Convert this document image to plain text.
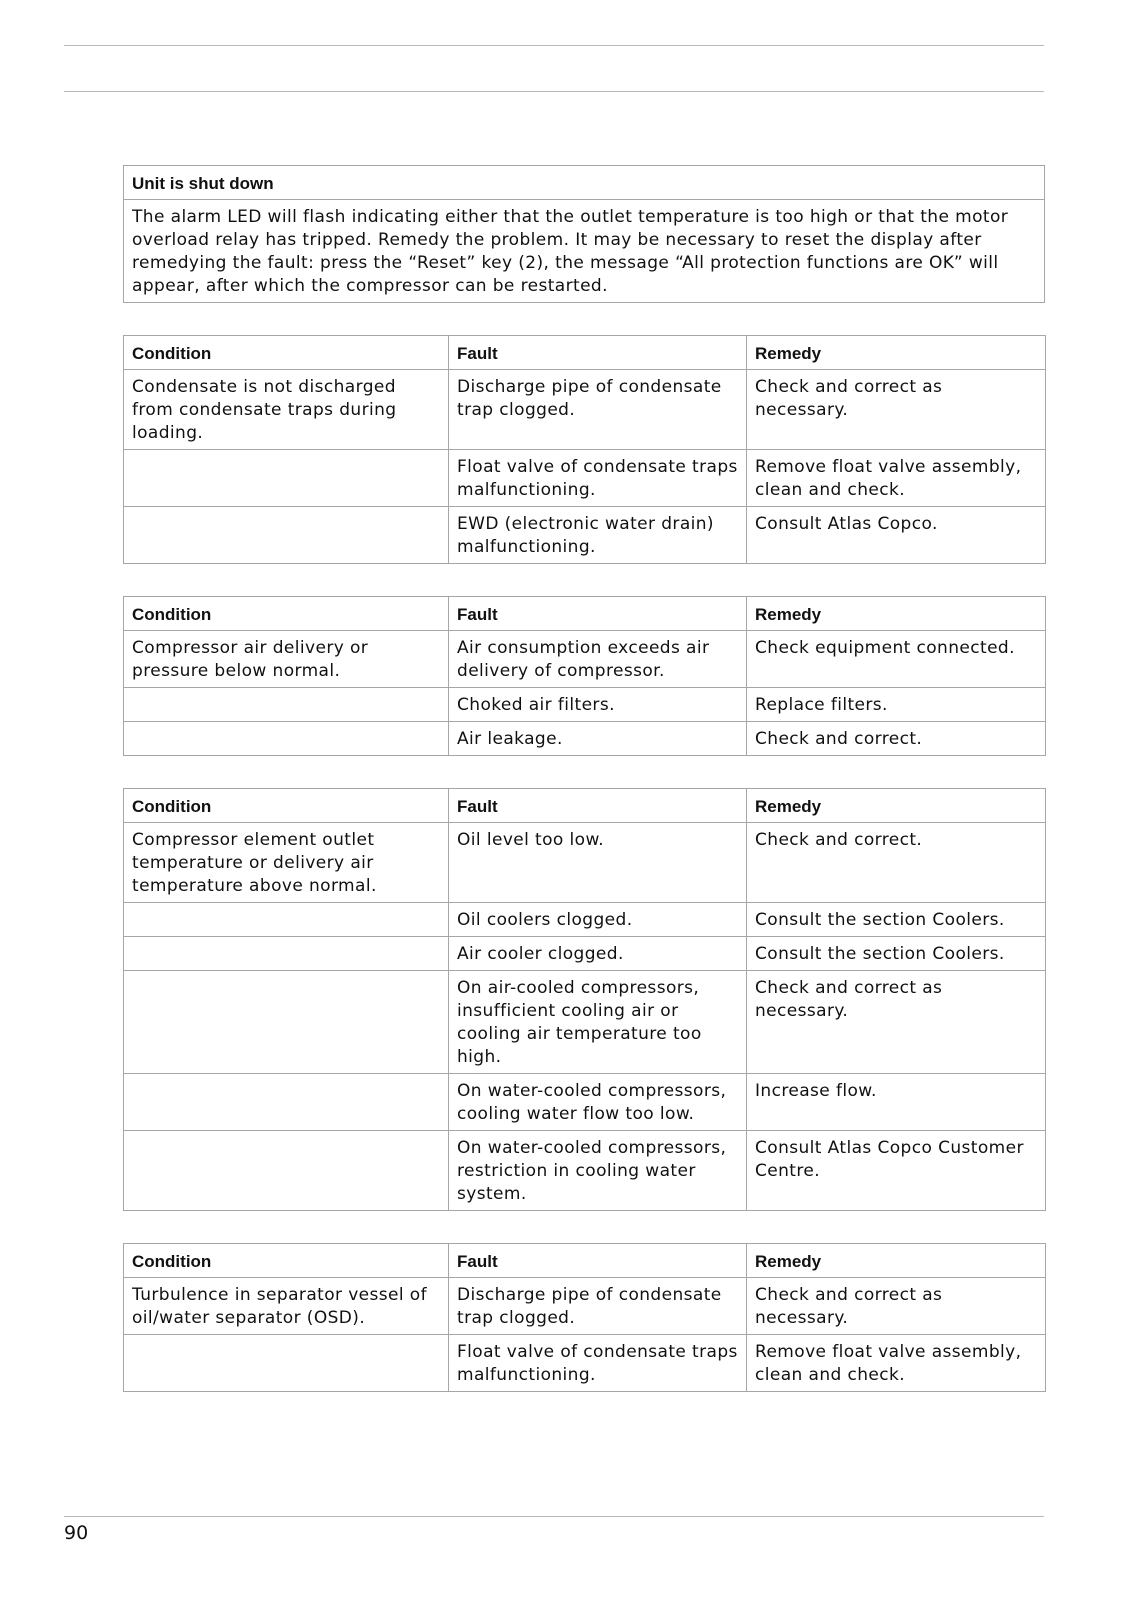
Unit is shut down
The alarm LED will flash indicating either that the outlet temperature is too high or that the motor overload relay has tripped. Remedy the problem. It may be necessary to reset the display after remedying the fault: press the “Reset” key (2), the message “All protection functions are OK” will appear, after which the compressor can be restarted.
Condition	Fault	Remedy
Condensate is not discharged from condensate traps during loading.	Discharge pipe of condensate trap clogged.	Check and correct as necessary.
	Float valve of condensate traps malfunctioning.	Remove float valve assembly, clean and check.
	EWD (electronic water drain) malfunctioning.	Consult Atlas Copco.
Condition	Fault	Remedy
Compressor air delivery or pressure below normal.	Air consumption exceeds air delivery of compressor.	Check equipment connected.
	Choked air filters.	Replace filters.
	Air leakage.	Check and correct.
Condition	Fault	Remedy
Compressor element outlet temperature or delivery air temperature above normal.	Oil level too low.	Check and correct.
	Oil coolers clogged.	Consult the section Coolers.
	Air cooler clogged.	Consult the section Coolers.
	On air-cooled compressors, insufficient cooling air or cooling air temperature too high.	Check and correct as necessary.
	On water-cooled compressors, cooling water flow too low.	Increase flow.
	On water-cooled compressors, restriction in cooling water system.	Consult Atlas Copco Customer Centre.
Condition	Fault	Remedy
Turbulence in separator vessel of oil/water separator (OSD).	Discharge pipe of condensate trap clogged.	Check and correct as necessary.
	Float valve of condensate traps malfunctioning.	Remove float valve assembly, clean and check.
90
